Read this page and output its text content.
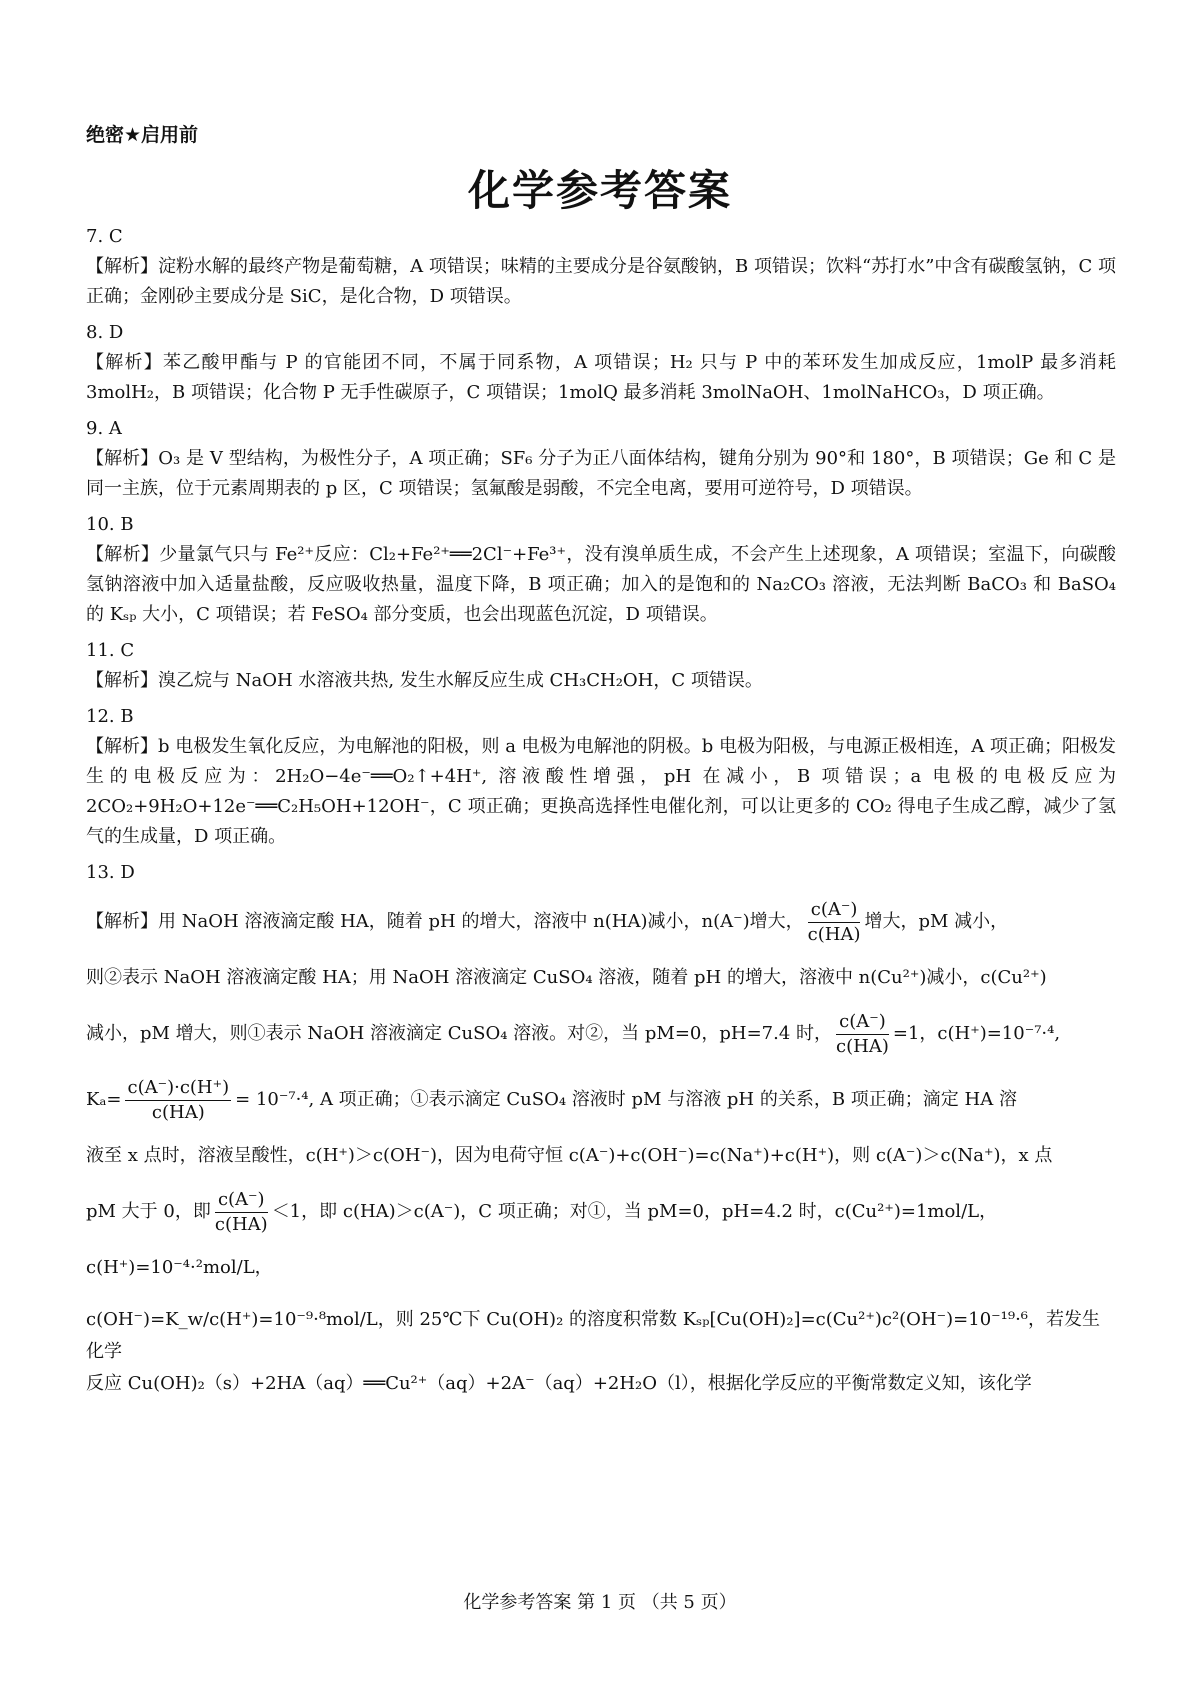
绝密★启用前
化学参考答案
7. C

【解析】淀粉水解的最终产物是葡萄糖，A 项错误；味精的主要成分是谷氨酸钠，B 项错误；饮料“苏打水”中含有碳酸氢钠，C 项正确；金刚砂主要成分是 SiC，是化合物，D 项错误。

8. D

【解析】苯乙酸甲酯与 P 的官能团不同，不属于同系物，A 项错误；H₂ 只与 P 中的苯环发生加成反应，1molP 最多消耗 3molH₂，B 项错误；化合物 P 无手性碳原子，C 项错误；1molQ 最多消耗 3molNaOH、1molNaHCO₃，D 项正确。

9. A

【解析】O₃ 是 V 型结构，为极性分子，A 项正确；SF₆ 分子为正八面体结构，键角分别为 90°和 180°，B 项错误；Ge 和 C 是同一主族，位于元素周期表的 p 区，C 项错误；氢氟酸是弱酸，不完全电离，要用可逆符号，D 项错误。

10. B

【解析】少量氯气只与 Fe²⁺反应：Cl₂+Fe²⁺══2Cl⁻+Fe³⁺，没有溴单质生成，不会产生上述现象，A 项错误；室温下，向碳酸氢钠溶液中加入适量盐酸，反应吸收热量，温度下降，B 项正确；加入的是饱和的 Na₂CO₃ 溶液，无法判断 BaCO₃ 和 BaSO₄ 的 Kₛₚ 大小，C 项错误；若 FeSO₄ 部分变质，也会出现蓝色沉淀，D 项错误。

11. C

【解析】溴乙烷与 NaOH 水溶液共热, 发生水解反应生成 CH₃CH₂OH，C 项错误。

12. B

【解析】b 电极发生氧化反应，为电解池的阳极，则 a 电极为电解池的阴极。b 电极为阳极，与电源正极相连，A 项正确；阳极发生的电极反应为：2H₂O−4e⁻══O₂↑+4H⁺, 溶液酸性增强，pH 在减小，B 项错误；a 电极的电极反应为 2CO₂+9H₂O+12e⁻══C₂H₅OH+12OH⁻，C 项正确；更换高选择性电催化剂，可以让更多的 CO₂ 得电子生成乙醇，减少了氢气的生成量，D 项正确。

13. D
【解析】用 NaOH 溶液滴定酸 HA，随着 pH 的增大，溶液中 n(HA)减小，n(A⁻)增大， $\frac{c(A^-)}{c(HA)}$ 增大，pM 减小，
则②表示 NaOH 溶液滴定酸 HA；用 NaOH 溶液滴定 CuSO₄ 溶液，随着 pH 的增大，溶液中 n(Cu²⁺)减小，c(Cu²⁺)
减小，pM 增大，则①表示 NaOH 溶液滴定 CuSO₄ 溶液。对②，当 pM=0，pH=7.4 时， $\frac{c(A^-)}{c(HA)} =1$，c(H⁺)=10⁻⁷·⁴,
$K_a= \frac{c(A^-)\cdot c(H^+)}{c(HA)} = 10^{-7}\cdot^4$, A 项正确；①表示滴定 CuSO₄ 溶液时 pM 与溶液 pH 的关系，B 项正确；滴定 HA 溶
液至 x 点时，溶液呈酸性，c(H⁺)＞c(OH⁻)，因为电荷守恒 c(A⁻)+c(OH⁻)=c(Na⁺)+c(H⁺)，则 c(A⁻)＞c(Na⁺)，x 点
pM 大于 0，即 $\frac{c(A^-)}{c(HA)} <1$，即 c(HA)＞c(A⁻)，C 项正确；对①，当 pM=0，pH=4.2 时，c(Cu²⁺)=1mol/L，c(H⁺)=10⁻⁴·²mol/L，
c(OH⁻)=K_w/c(H⁺)=10⁻⁹·⁸mol/L，则 25℃下 Cu(OH)₂ 的溶度积常数 Kₛₚ[Cu(OH)₂]=c(Cu²⁺)c²(OH⁻)=10⁻¹⁹·⁶，若发生化学
反应 Cu(OH)₂（s）+2HA（aq）══Cu²⁺（aq）+2A⁻（aq）+2H₂O（l），根据化学反应的平衡常数定义知，该化学
化学参考答案 第 1 页 （共 5 页）
